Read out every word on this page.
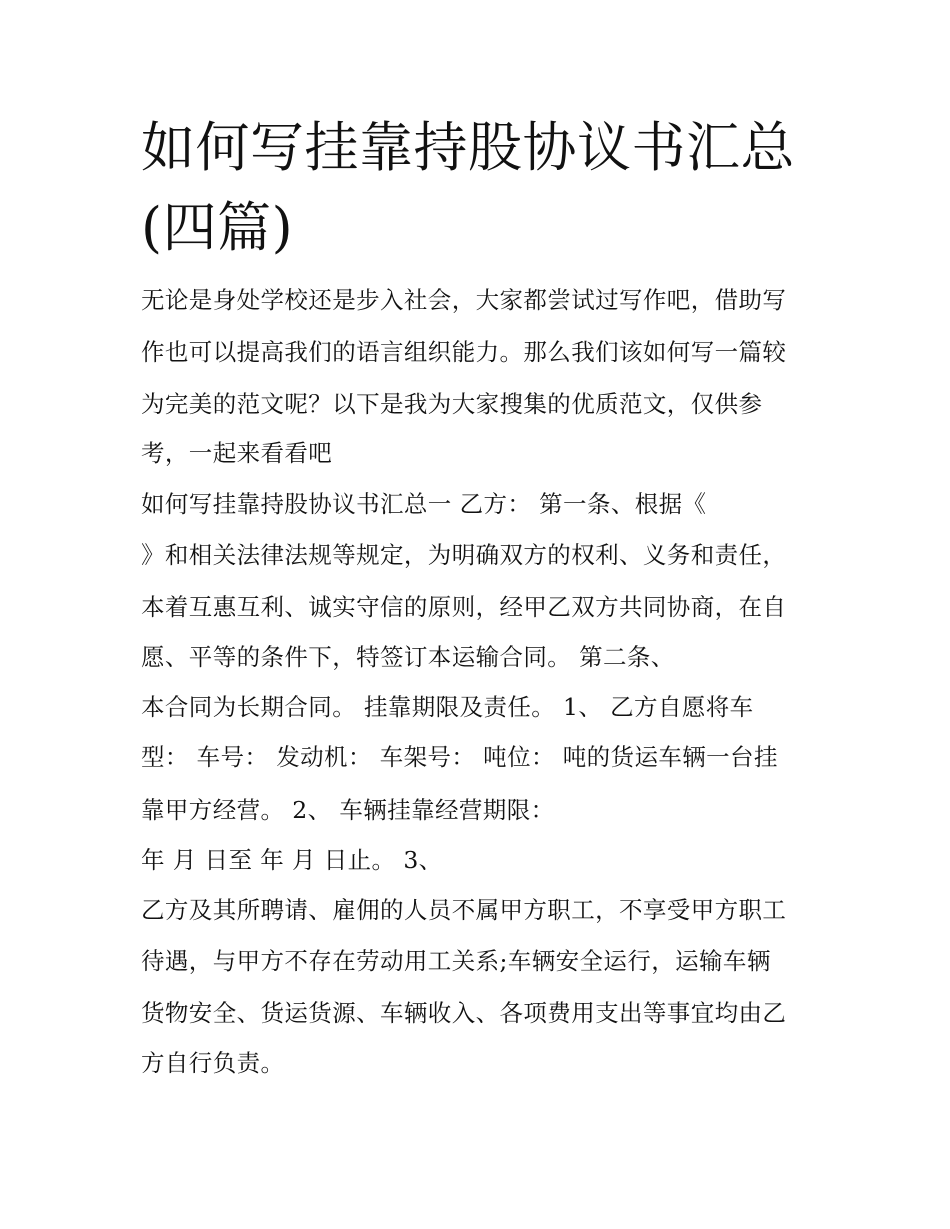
如何写挂靠持股协议书汇总(四篇)

无论是身处学校还是步入社会，大家都尝试过写作吧，借助写

作也可以提高我们的语言组织能力。那么我们该如何写一篇较

为完美的范文呢？以下是我为大家搜集的优质范文，仅供参

考，一起来看看吧

如何写挂靠持股协议书汇总一 乙方： 第一条、根据《

》和相关法律法规等规定，为明确双方的权利、义务和责任，

本着互惠互利、诚实守信的原则，经甲乙双方共同协商，在自

愿、平等的条件下，特签订本运输合同。 第二条、

本合同为长期合同。 挂靠期限及责任。 1、 乙方自愿将车

型： 车号： 发动机： 车架号： 吨位： 吨的货运车辆一台挂

靠甲方经营。 2、 车辆挂靠经营期限：

年 月 日至 年 月 日止。 3、

乙方及其所聘请、雇佣的人员不属甲方职工，不享受甲方职工

待遇，与甲方不存在劳动用工关系;车辆安全运行，运输车辆

货物安全、货运货源、车辆收入、各项费用支出等事宜均由乙

方自行负责。
